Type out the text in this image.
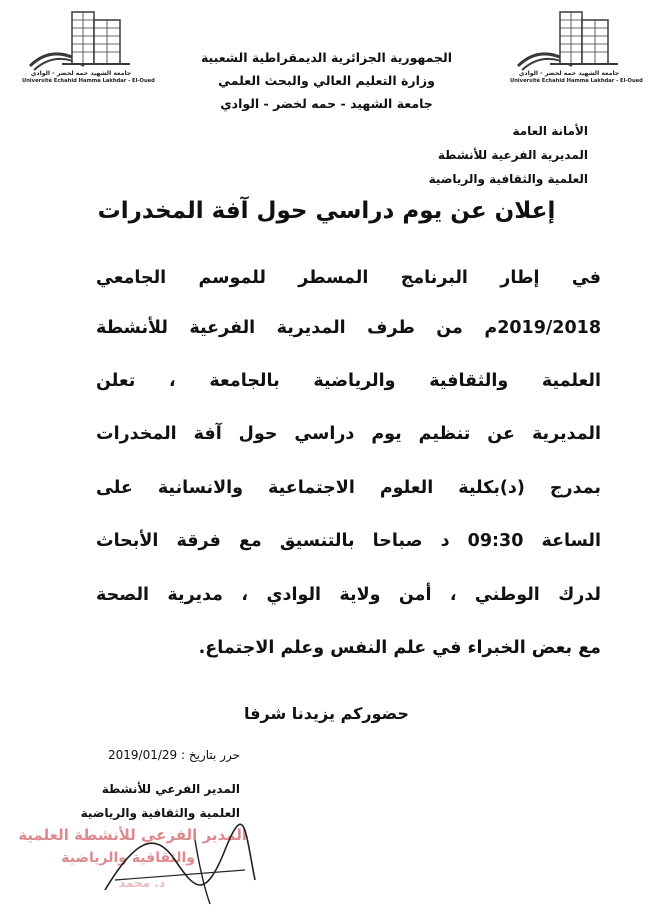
جامعة الشهيد حمه لخضر - الوادي
Université Echahid Hamma Lakhdar - El-Oued
جامعة الشهيد حمه لخضر - الوادي
Université Echahid Hamma Lakhdar - El-Oued
الجمهورية الجزائرية الديمقراطية الشعبية
وزارة التعليم العالي والبحث العلمي
جامعة الشهيد - حمه لخضر - الوادي
الأمانة العامة
المديرية الفرعية للأنشطة
العلمية والثقافية والرياضية
إعلان عن يوم دراسي حول آفة المخدرات
في إطار البرنامج المسطر للموسم الجامعي
2019/2018م من طرف المديرية الفرعية للأنشطة
العلمية والثقافية والرياضية بالجامعة ، تعلن
المديرية عن تنظيم يوم دراسي حول آفة المخدرات
بمدرج (د)بكلية العلوم الاجتماعية والانسانية على
الساعة 09:30 د صباحا بالتنسيق مع فرقة الأبحاث
لدرك الوطني ، أمن ولاية الوادي ، مديرية الصحة
مع بعض الخبراء في علم النفس وعلم الاجتماع.
حضوركم يزيدنا شرفا
حرر بتاريخ : 2019/01/29
المدير الفرعي للأنشطة
العلمية والثقافية والرياضية
المدير الفرعي للأنشطة العلمية
والثقافية والرياضية
د. محمد
